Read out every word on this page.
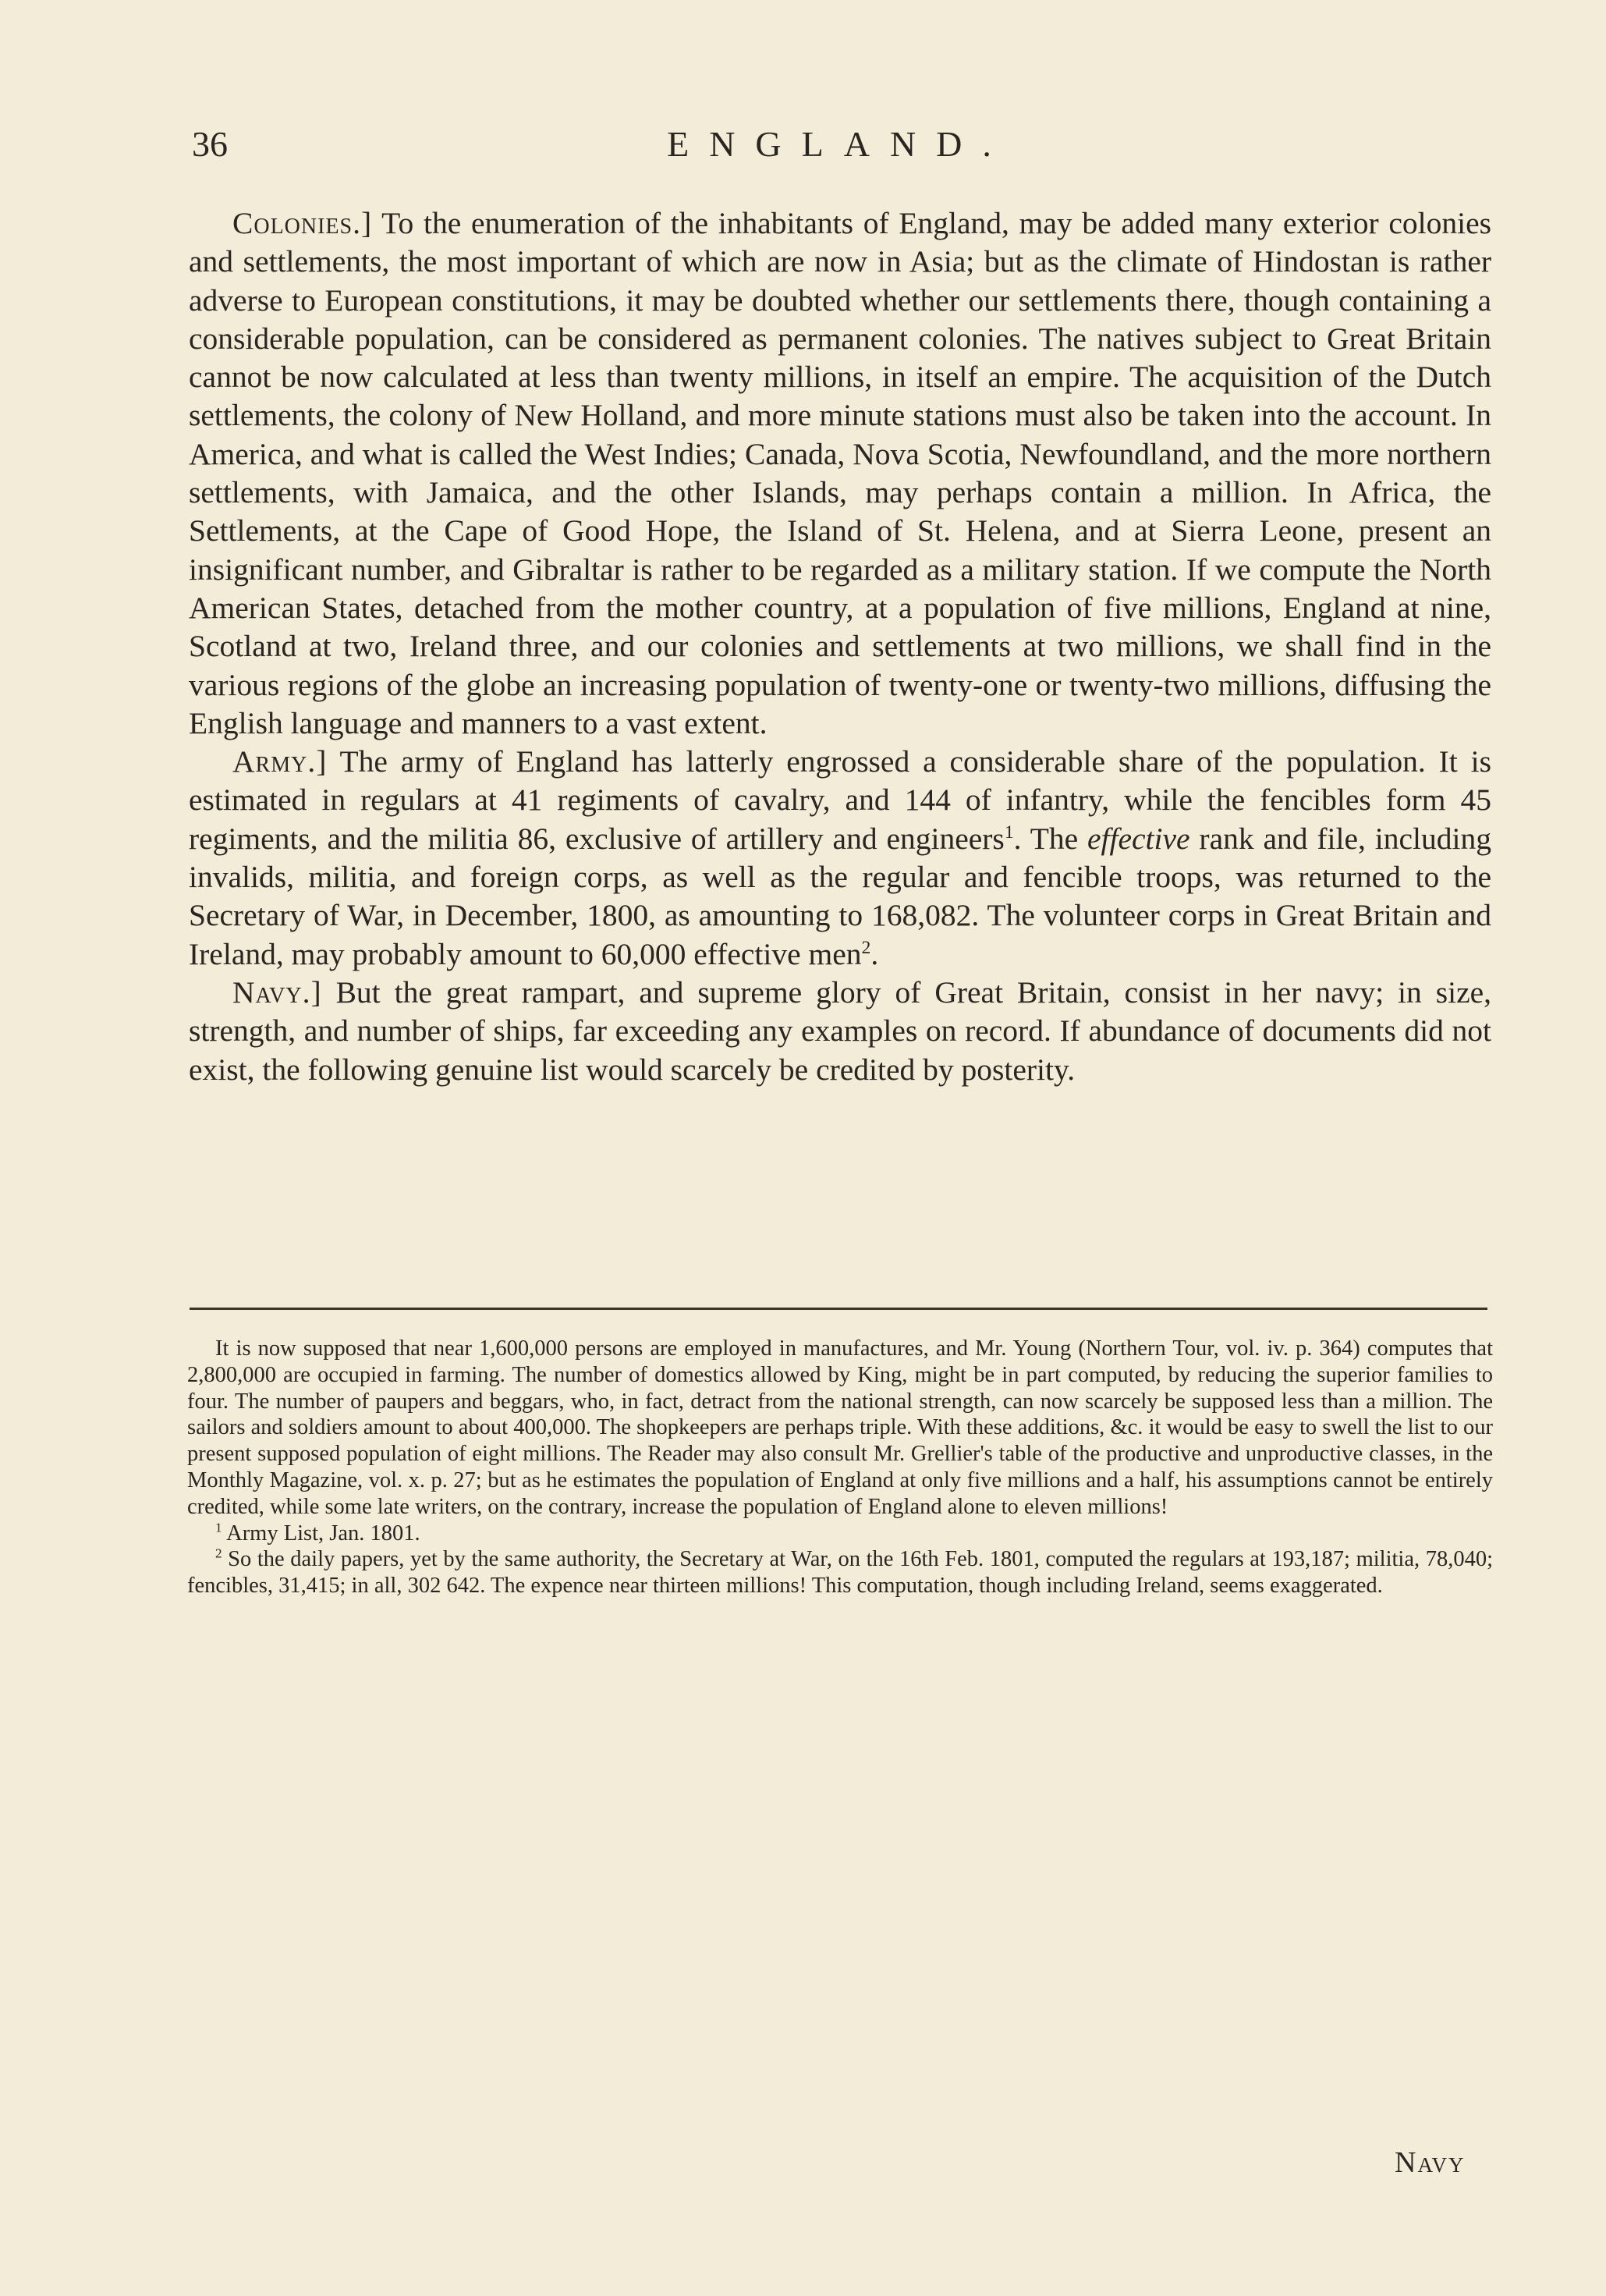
36	ENGLAND.

Colonies.] To the enumeration of the inhabitants of England, may be added many exterior colonies and settlements, the most important of which are now in Asia; but as the climate of Hindostan is rather adverse to European constitutions, it may be doubted whether our settlements there, though containing a considerable population, can be considered as permanent colonies. The natives subject to Great Britain cannot be now calculated at less than twenty millions, in itself an empire. The acquisition of the Dutch settlements, the colony of New Holland, and more minute stations must also be taken into the account. In America, and what is called the West Indies; Canada, Nova Scotia, Newfoundland, and the more northern settlements, with Jamaica, and the other Islands, may perhaps contain a million. In Africa, the Settlements, at the Cape of Good Hope, the Island of St. Helena, and at Sierra Leone, present an insignificant number, and Gibraltar is rather to be regarded as a military station. If we compute the North American States, detached from the mother country, at a population of five millions, England at nine, Scotland at two, Ireland three, and our colonies and settlements at two millions, we shall find in the various regions of the globe an increasing population of twenty-one or twenty-two millions, diffusing the English language and manners to a vast extent.

Army.] The army of England has latterly engrossed a considerable share of the population. It is estimated in regulars at 41 regiments of cavalry, and 144 of infantry, while the fencibles form 45 regiments, and the militia 86, exclusive of artillery and engineers$^1$. The effective rank and file, including invalids, militia, and foreign corps, as well as the regular and fencible troops, was returned to the Secretary of War, in December, 1800, as amounting to 168,082. The volunteer corps in Great Britain and Ireland, may probably amount to 60,000 effective men$^2$.

Navy.] But the great rampart, and supreme glory of Great Britain, consist in her navy; in size, strength, and number of ships, far exceeding any examples on record. If abundance of documents did not exist, the following genuine list would scarcely be credited by posterity.

It is now supposed that near 1,600,000 persons are employed in manufactures, and Mr. Young (Northern Tour, vol. iv. p. 364) computes that 2,800,000 are occupied in farming. The number of domestics allowed by King, might be in part computed, by reducing the superior families to four. The number of paupers and beggars, who, in fact, detract from the national strength, can now scarcely be supposed less than a million. The sailors and soldiers amount to about 400,000. The shopkeepers are perhaps triple. With these additions, &c. it would be easy to swell the list to our present supposed population of eight millions. The Reader may also consult Mr. Grellier's table of the productive and unproductive classes, in the Monthly Magazine, vol. x. p. 27; but as he estimates the population of England at only five millions and a half, his assumptions cannot be entirely credited, while some late writers, on the contrary, increase the population of England alone to eleven millions!

$^1$ Army List, Jan. 1801.

$^2$ So the daily papers, yet by the same authority, the Secretary at War, on the 16th Feb. 1801, computed the regulars at 193,187; militia, 78,040; fencibles, 31,415; in all, 302 642. The expence near thirteen millions! This computation, though including Ireland, seems exaggerated.

Navy
